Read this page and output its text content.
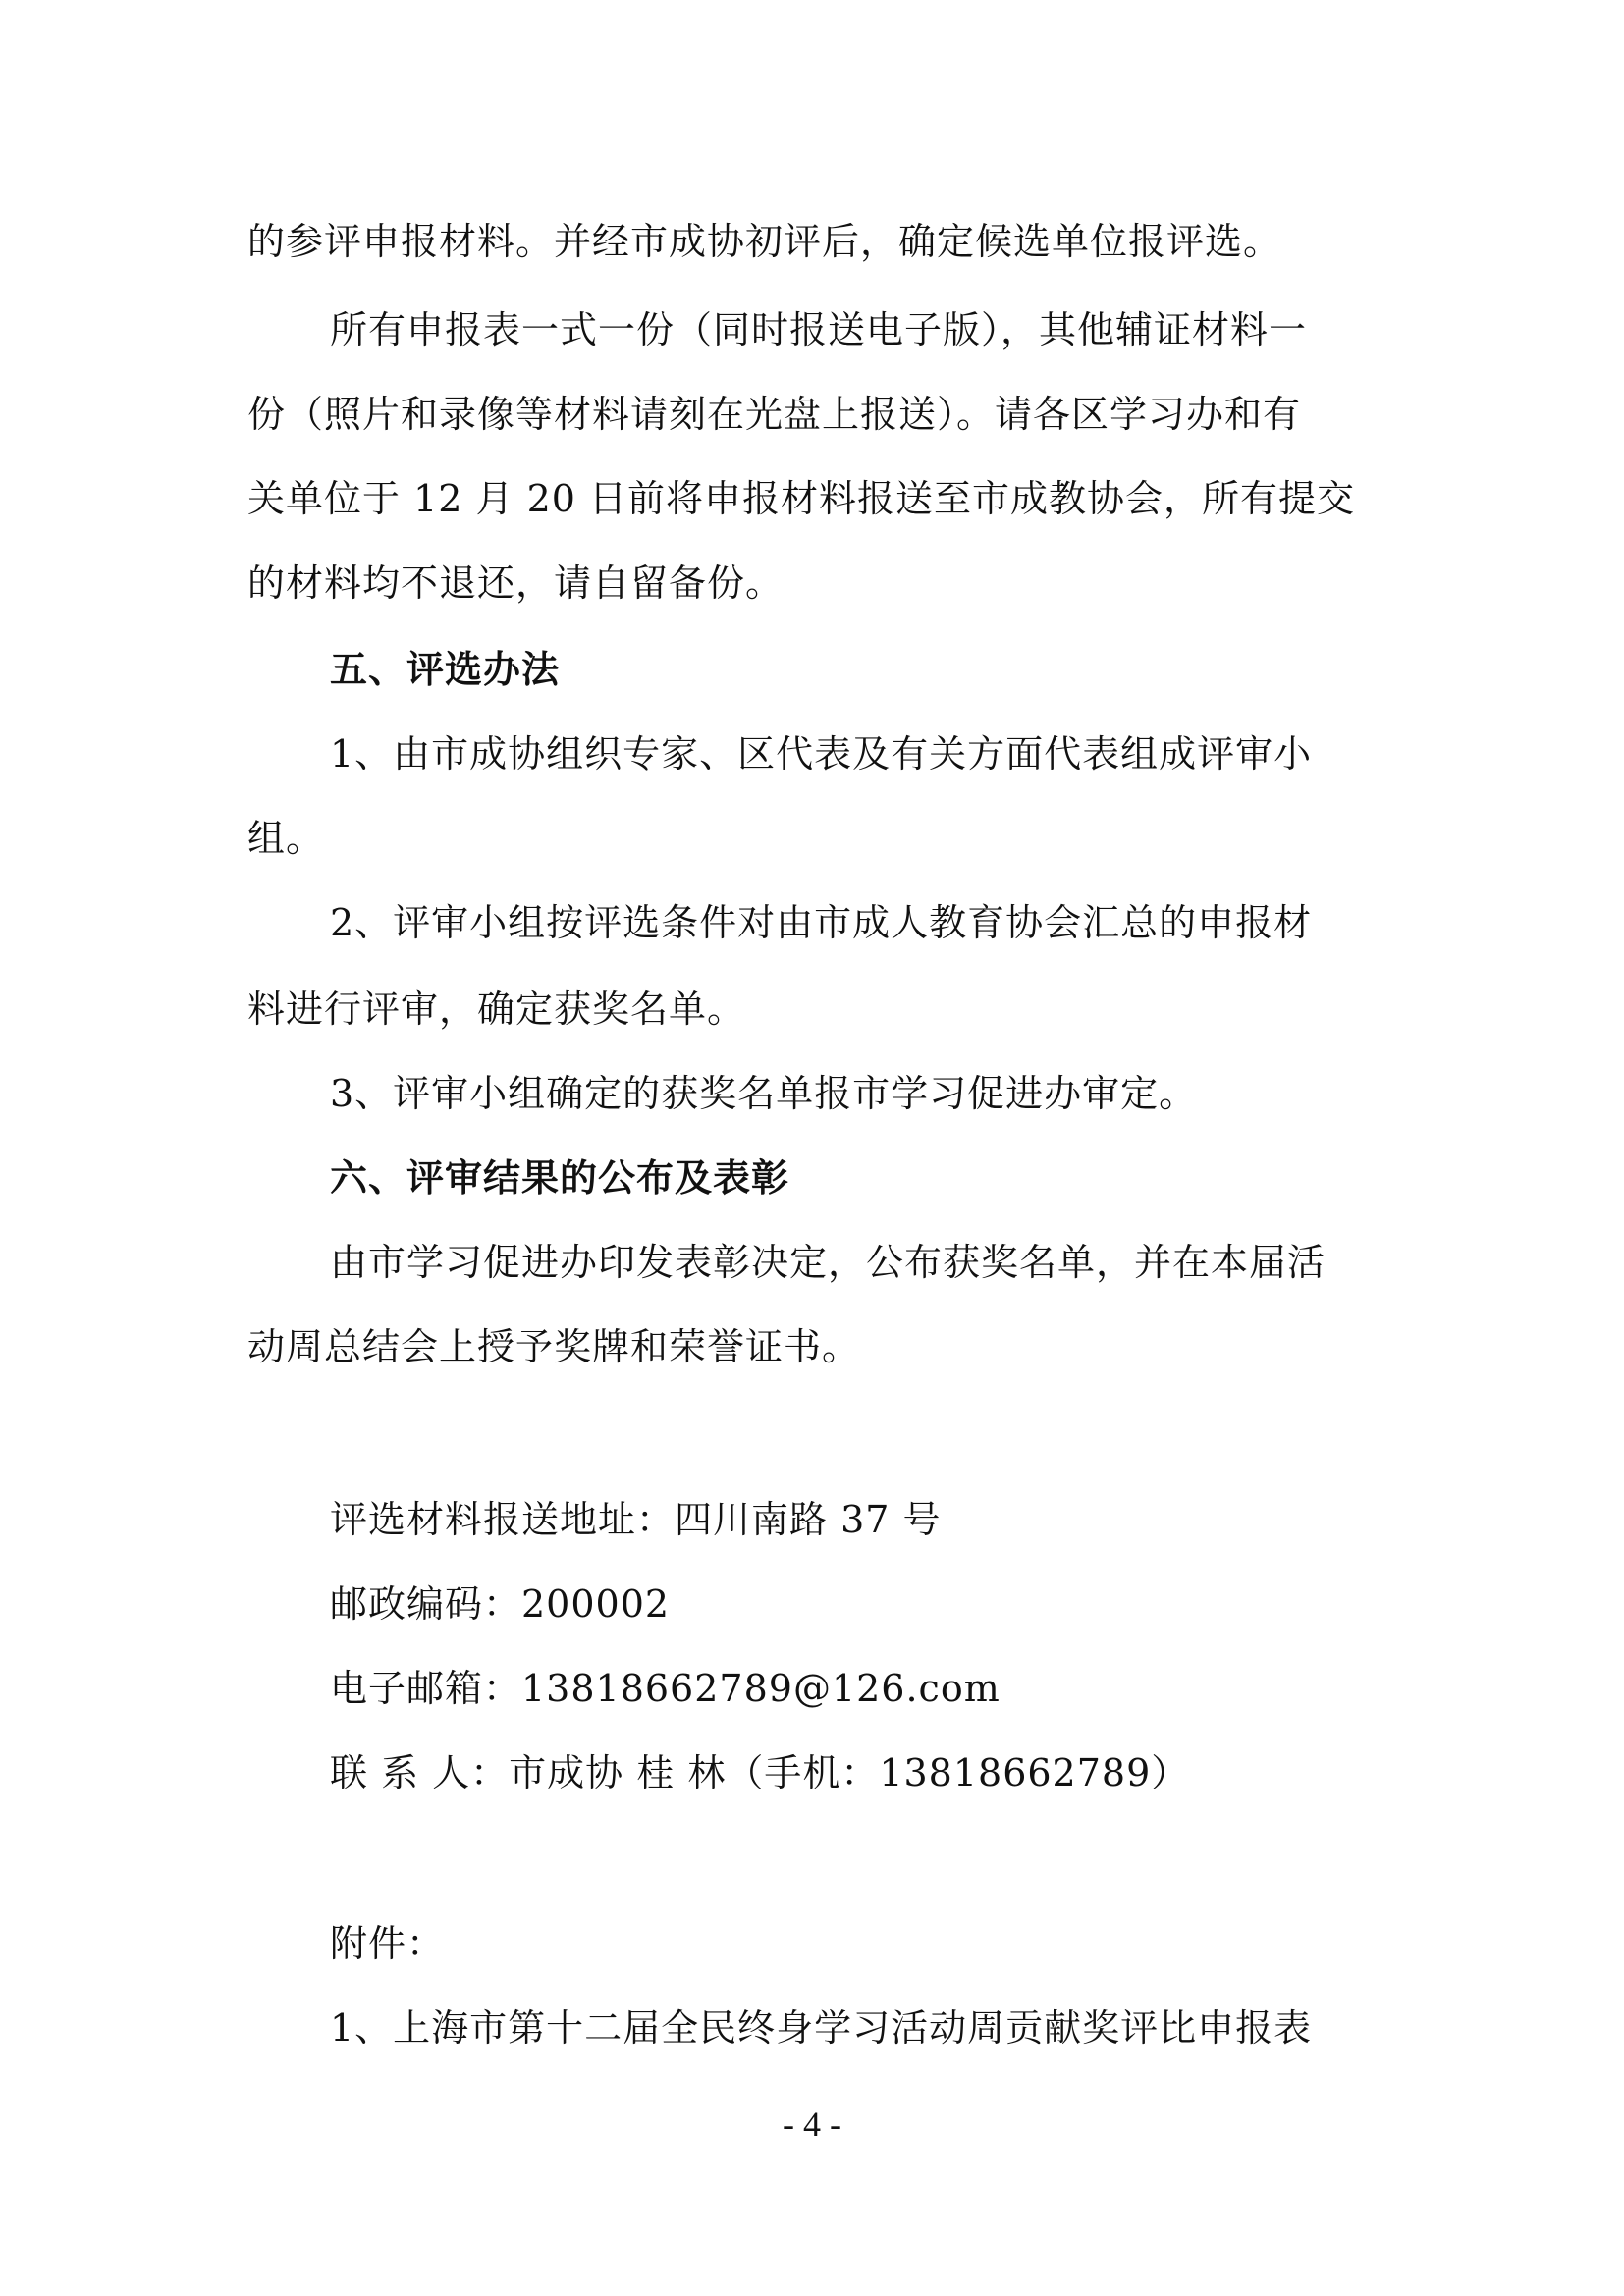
的参评申报材料。并经市成协初评后，确定候选单位报评选。
所有申报表一式一份（同时报送电子版），其他辅证材料一
份（照片和录像等材料请刻在光盘上报送）。请各区学习办和有
关单位于 12 月 20 日前将申报材料报送至市成教协会，所有提交
的材料均不退还，请自留备份。
五、评选办法
1、由市成协组织专家、区代表及有关方面代表组成评审小
组。
2、评审小组按评选条件对由市成人教育协会汇总的申报材
料进行评审，确定获奖名单。
3、评审小组确定的获奖名单报市学习促进办审定。
六、评审结果的公布及表彰
由市学习促进办印发表彰决定，公布获奖名单，并在本届活
动周总结会上授予奖牌和荣誉证书。
评选材料报送地址：四川南路 37 号
邮政编码：200002
电子邮箱：13818662789@126.com
联 系 人：市成协 桂 林（手机：13818662789）
附件：
1、上海市第十二届全民终身学习活动周贡献奖评比申报表
- 4 -
